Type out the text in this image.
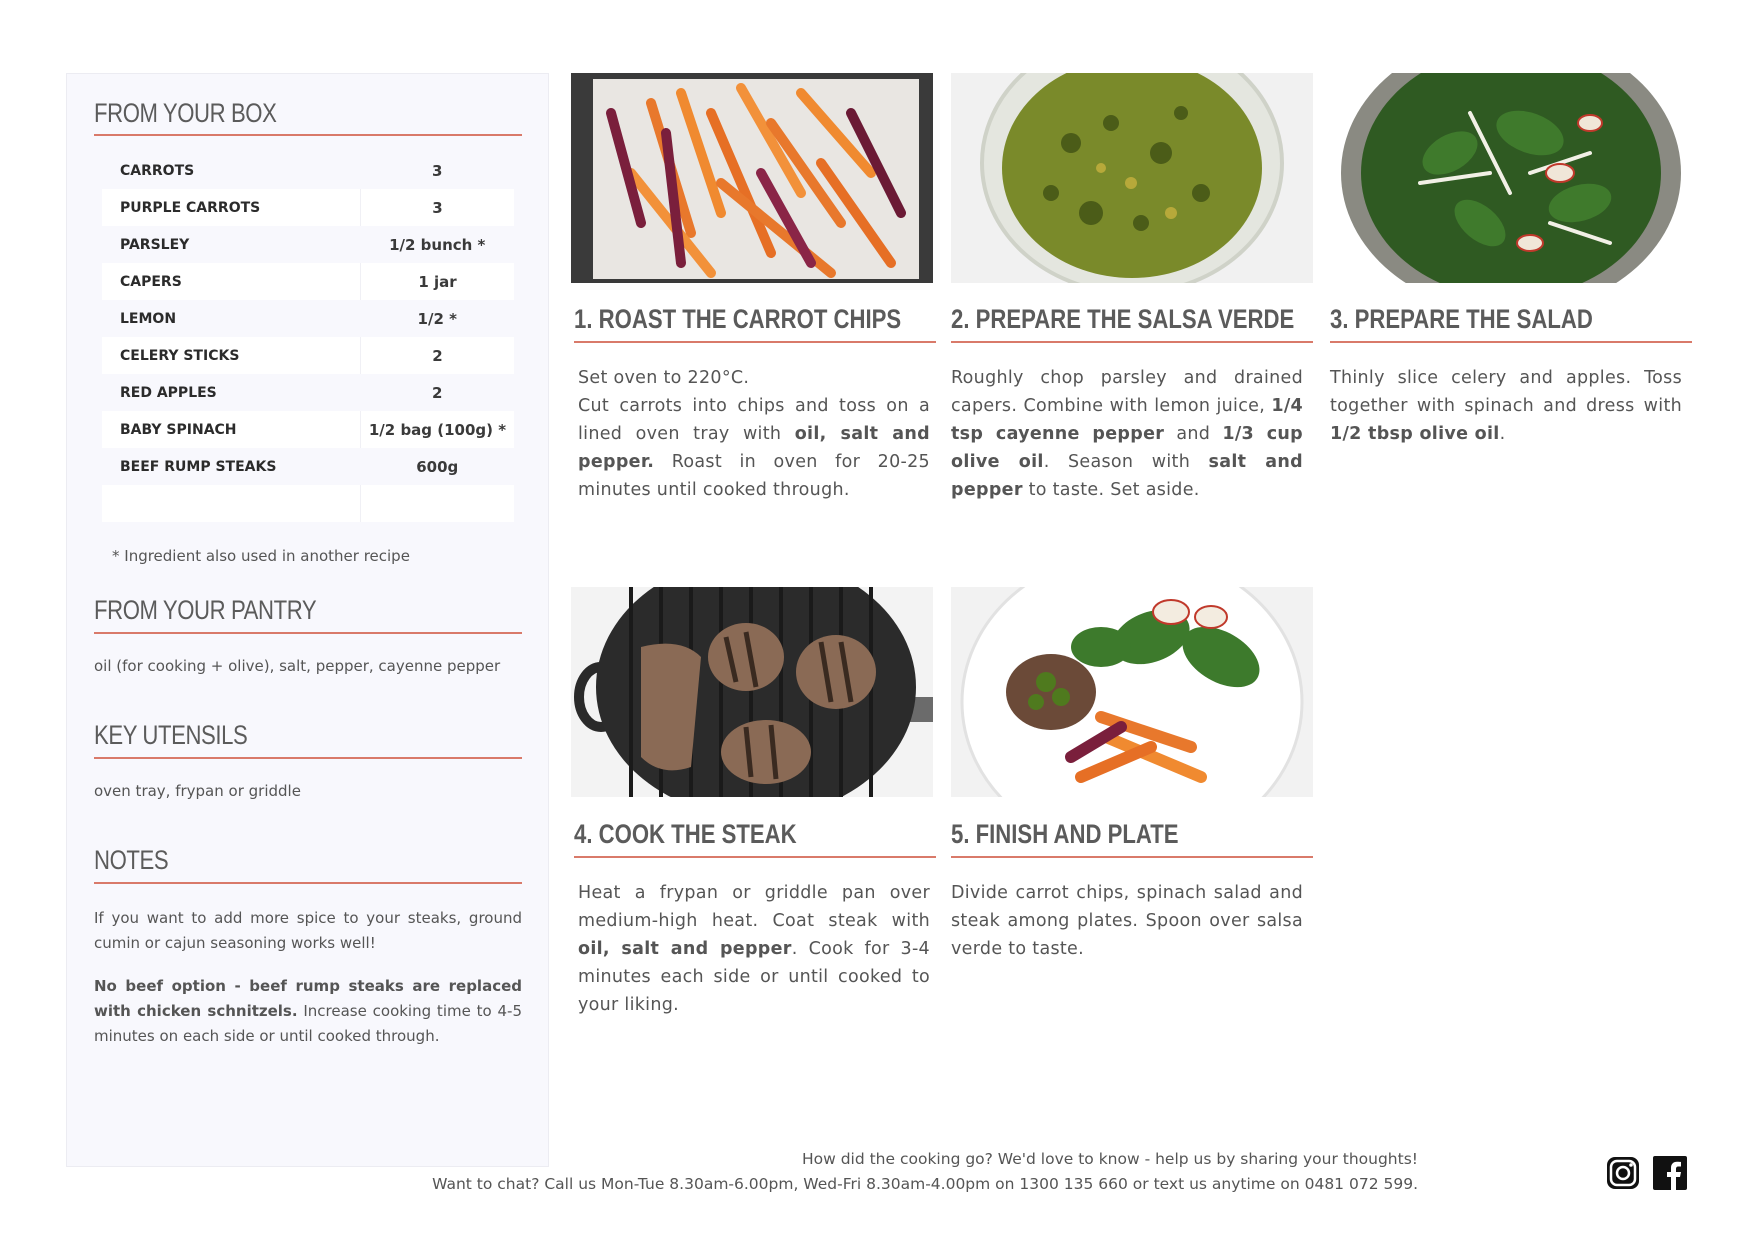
FROM YOUR BOX
CARROTS	3
PURPLE CARROTS	3
PARSLEY	1/2 bunch *
CAPERS	1 jar
LEMON	1/2 *
CELERY STICKS	2
RED APPLES	2
BABY SPINACH	1/2 bag (100g) *
BEEF RUMP STEAKS	600g

* Ingredient also used in another recipe
FROM YOUR PANTRY

oil (for cooking + olive), salt, pepper, cayenne pepper

KEY UTENSILS

oven tray, frypan or griddle

NOTES

If you want to add more spice to your steaks, ground cumin or cajun seasoning works well!

No beef option - beef rump steaks are replaced with chicken schnitzels. Increase cooking time to 4-5 minutes on each side or until cooked through.

1. ROAST THE CARROT CHIPS

Set oven to 220°C.
Cut carrots into chips and toss on a lined oven tray with oil, salt and pepper. Roast in oven for 20-25 minutes until cooked through.

2. PREPARE THE SALSA VERDE

Roughly chop parsley and drained capers. Combine with lemon juice, 1/4 tsp cayenne pepper and 1/3 cup olive oil. Season with salt and pepper to taste. Set aside.

3. PREPARE THE SALAD

Thinly slice celery and apples. Toss together with spinach and dress with 1/2 tbsp olive oil.

4. COOK THE STEAK

Heat a frypan or griddle pan over medium-high heat. Coat steak with oil, salt and pepper. Cook for 3-4 minutes each side or until cooked to your liking.

5. FINISH AND PLATE

Divide carrot chips, spinach salad and steak among plates. Spoon over salsa verde to taste.

How did the cooking go? We'd love to know - help us by sharing your thoughts!
Want to chat? Call us Mon-Tue 8.30am-6.00pm, Wed-Fri 8.30am-4.00pm on 1300 135 660 or text us anytime on 0481 072 599.
